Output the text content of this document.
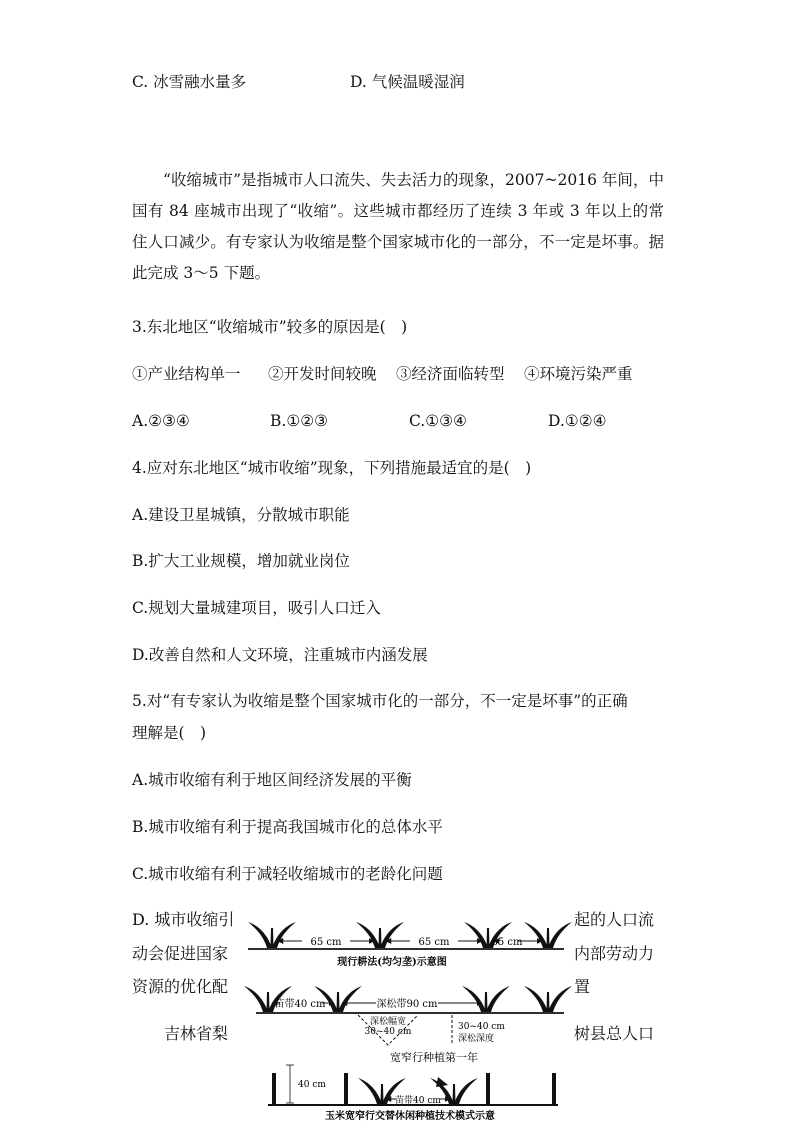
C. 冰雪融水量多	D. 气候温暖湿润
“收缩城市”是指城市人口流失、失去活力的现象，2007~2016 年间，中国有 84 座城市出现了“收缩”。这些城市都经历了连续 3 年或 3 年以上的常住人口减少。有专家认为收缩是整个国家城市化的一部分，不一定是坏事。据此完成 3～5 下题。
3.东北地区“收缩城市”较多的原因是(　)
①产业结构单一 ②开发时间较晚 ③经济面临转型 ④环境污染严重
A.②③④	B.①②③	C.①③④	D.①②④
4.应对东北地区“城市收缩”现象，下列措施最适宜的是(　)
A.建设卫星城镇，分散城市职能
B.扩大工业规模，增加就业岗位
C.规划大量城建项目，吸引人口迁入
D.改善自然和人文环境，注重城市内涵发展
5.对“有专家认为收缩是整个国家城市化的一部分，不一定是坏事”的正确
理解是(　)
A.城市收缩有利于地区间经济发展的平衡
B.城市收缩有利于提高我国城市化的总体水平
C.城市收缩有利于减轻收缩城市的老龄化问题
D. 城市收缩引
动会促进国家
资源的优化配
吉林省梨
起的人口流
内部劳动力
置
树县总人口
65 cm	65 cm	65 cm
现行耕法(均匀垄)示意图
苗带40 cm	深松带90 cm
深松幅宽
30~40 cm	30~40 cm
深松深度
宽窄行种植第一年
40 cm
苗带40 cm
玉米宽窄行交替休闲种植技术模式示意
